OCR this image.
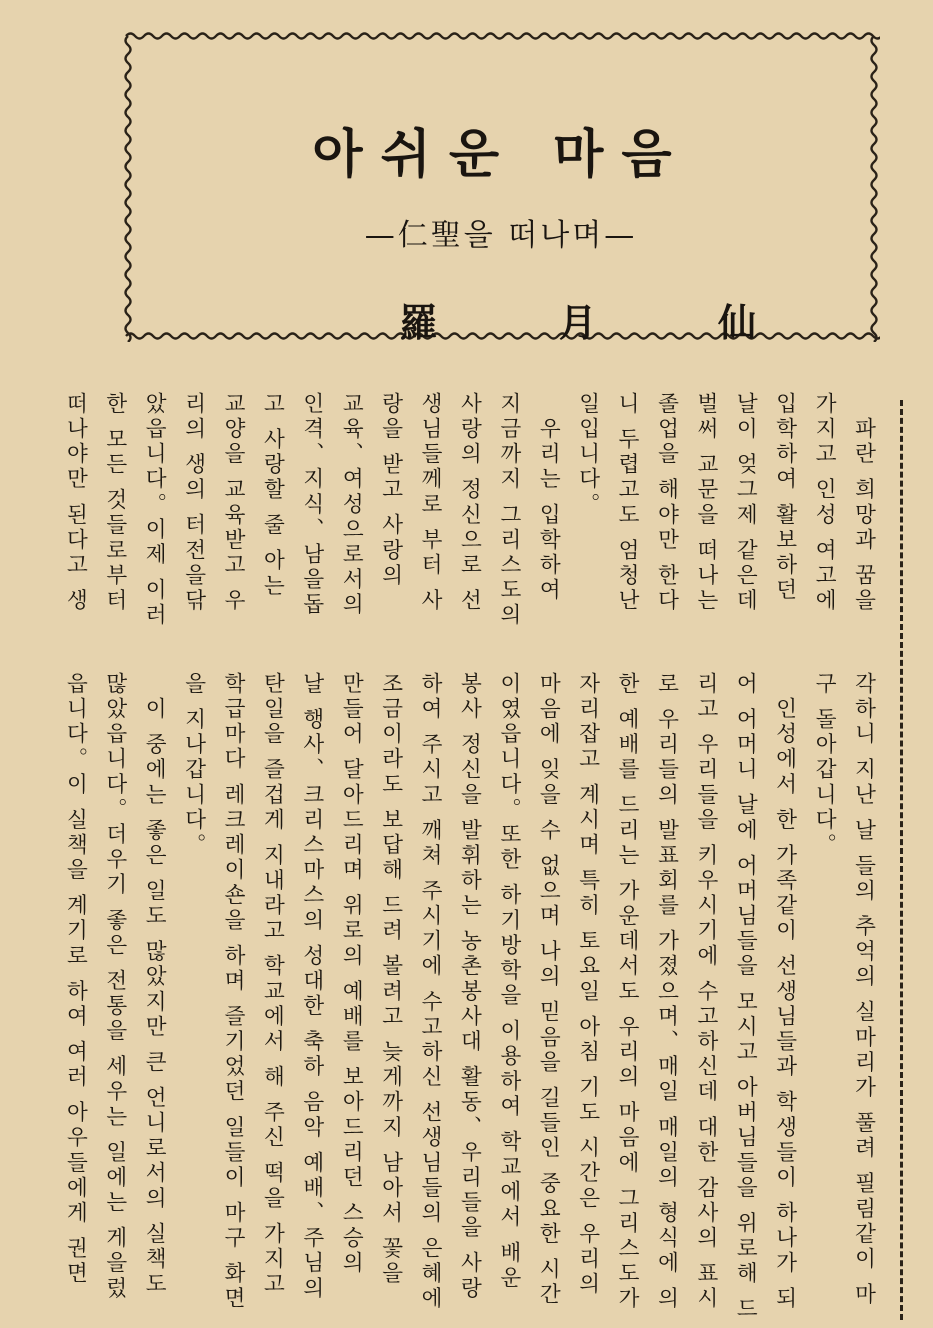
아쉬운 마음
—仁聖을 떠나며—
羅 月 仙
　파란 희망과 꿈을
가지고 인성 여고에
입학하여 활보하던
날이 엊그제 같은데
벌써 교문을 떠나는
졸업을 해야만 한다
니 두렵고도 엄청난
일입니다。
　우리는 입학하여
지금까지 그리스도의
사랑의 정신으로 선
생님들께로 부터 사
랑을 받고 사랑의
교육、여성으로서의
인격、지식、남을돕
고 사랑할 줄 아는
교양을 교육받고 우
리의 생의 터전을닦
았읍니다。이제 이러
한 모든 것들로부터
떠나야만 된다고 생
각하니 지난 날 들의 추억의 실마리가 풀려 필림같이 마
구 돌아갑니다。
　인성에서 한 가족같이 선생님들과 학생들이 하나가 되
어 어머니 날에 어머님들을 모시고 아버님들을 위로해 드
리고 우리들을 키우시기에 수고하신데 대한 감사의 표시
로 우리들의 발표회를 가졌으며、매일 매일의 형식에 의
한 예배를 드리는 가운데서도 우리의 마음에 그리스도가
자리잡고 계시며 특히 토요일 아침 기도 시간은 우리의
마음에 잊을 수 없으며 나의 믿음을 길들인 중요한 시간
이였읍니다。또한 하기방학을 이용하여 학교에서 배운
봉사 정신을 발휘하는 농촌봉사대 활동、우리들을 사랑
하여 주시고 깨쳐 주시기에 수고하신 선생님들의 은혜에
조금이라도 보답해 드려 볼려고 늦게까지 남아서 꽃을
만들어 달아드리며 위로의 예배를 보아드리던 스승의
날 행사、크리스마스의 성대한 축하 음악 예배、주님의
탄일을 즐겁게 지내라고 학교에서 해 주신 떡을 가지고
학급마다 레크레이숀을 하며 즐기었던 일들이 마구 화면
을 지나갑니다。
　이 중에는 좋은 일도 많았지만 큰 언니로서의 실책도
많았읍니다。더우기 좋은 전통을 세우는 일에는 게을렀
읍니다。이 실책을 계기로 하여 여러 아우들에게 권면
